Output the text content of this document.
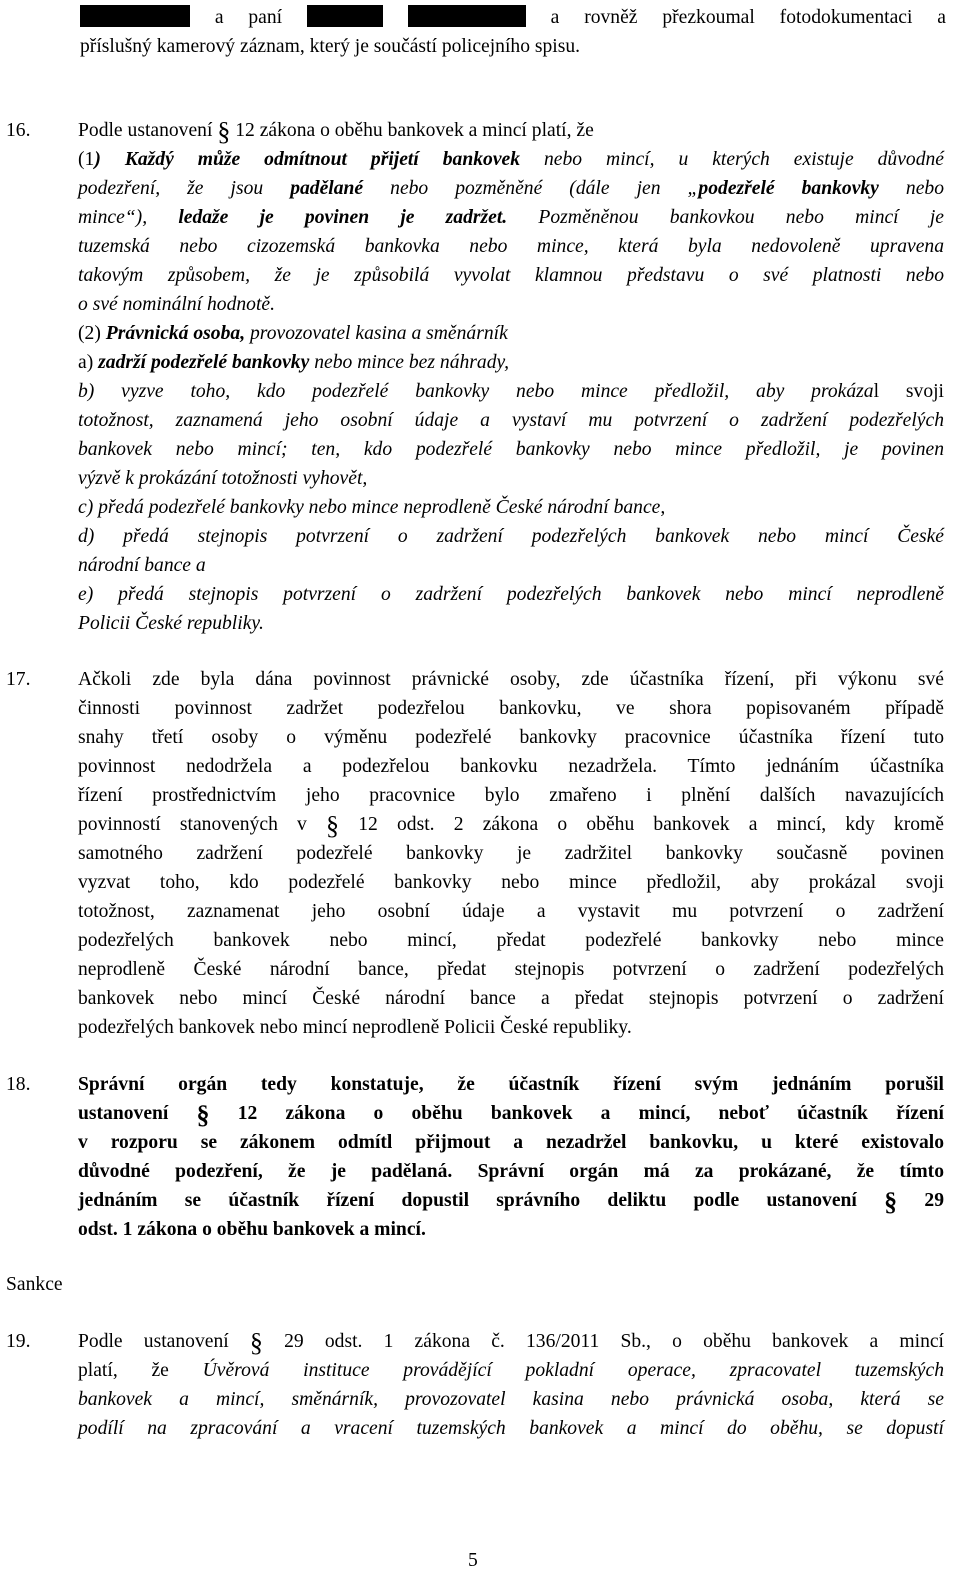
a paní	a rovněž přezkoumal fotodokumentaci a
příslušný kamerový záznam, který je součástí policejního spisu.
16. Podle ustanovení § 12 zákona o oběhu bankovek a mincí platí, že
(1) Každý může odmítnout přijetí bankovek nebo mincí, u kterých existuje důvodné
podezření, že jsou padělané nebo pozměněné (dále jen „podezřelé bankovky nebo
mince“), ledaže je povinen je zadržet. Pozměněnou bankovkou nebo mincí je
tuzemská nebo cizozemská bankovka nebo mince, která byla nedovoleně upravena
takovým způsobem, že je způsobilá vyvolat klamnou představu o své platnosti nebo
o své nominální hodnotě.
(2) Právnická osoba, provozovatel kasina a směnárník
a) zadrží podezřelé bankovky nebo mince bez náhrady,
b) vyzve toho, kdo podezřelé bankovky nebo mince předložil, aby prokázal svoji
totožnost, zaznamená jeho osobní údaje a vystaví mu potvrzení o zadržení podezřelých
bankovek nebo mincí; ten, kdo podezřelé bankovky nebo mince předložil, je povinen
výzvě k prokázání totožnosti vyhovět,
c) předá podezřelé bankovky nebo mince neprodleně České národní bance,
d) předá stejnopis potvrzení o zadržení podezřelých bankovek nebo mincí České
národní bance a
e) předá stejnopis potvrzení o zadržení podezřelých bankovek nebo mincí neprodleně
Policii České republiky.
17. Ačkoli zde byla dána povinnost právnické osoby, zde účastníka řízení, při výkonu své
činnosti povinnost zadržet podezřelou bankovku, ve shora popisovaném případě
snahy třetí osoby o výměnu podezřelé bankovky pracovnice účastníka řízení tuto
povinnost nedodržela a podezřelou bankovku nezadržela. Tímto jednáním účastníka
řízení prostřednictvím jeho pracovnice bylo zmařeno i plnění dalších navazujících
povinností stanovených v § 12 odst. 2 zákona o oběhu bankovek a mincí, kdy kromě
samotného zadržení podezřelé bankovky je zadržitel bankovky současně povinen
vyzvat toho, kdo podezřelé bankovky nebo mince předložil, aby prokázal svoji
totožnost, zaznamenat jeho osobní údaje a vystavit mu potvrzení o zadržení
podezřelých bankovek nebo mincí, předat podezřelé bankovky nebo mince
neprodleně České národní bance, předat stejnopis potvrzení o zadržení podezřelých
bankovek nebo mincí České národní bance a předat stejnopis potvrzení o zadržení
podezřelých bankovek nebo mincí neprodleně Policii České republiky.
18. Správní orgán tedy konstatuje, že účastník řízení svým jednáním porušil
ustanovení § 12 zákona o oběhu bankovek a mincí, neboť účastník řízení
v rozporu se zákonem odmítl přijmout a nezadržel bankovku, u které existovalo
důvodné podezření, že je padělaná. Správní orgán má za prokázané, že tímto
jednáním se účastník řízení dopustil správního deliktu podle ustanovení § 29
odst. 1 zákona o oběhu bankovek a mincí.
Sankce
19. Podle ustanovení § 29 odst. 1 zákona č. 136/2011 Sb., o oběhu bankovek a mincí
platí, že Úvěrová instituce provádějící pokladní operace, zpracovatel tuzemských
bankovek a mincí, směnárník, provozovatel kasina nebo právnická osoba, která se
podílí na zpracování a vracení tuzemských bankovek a mincí do oběhu, se dopustí
5
